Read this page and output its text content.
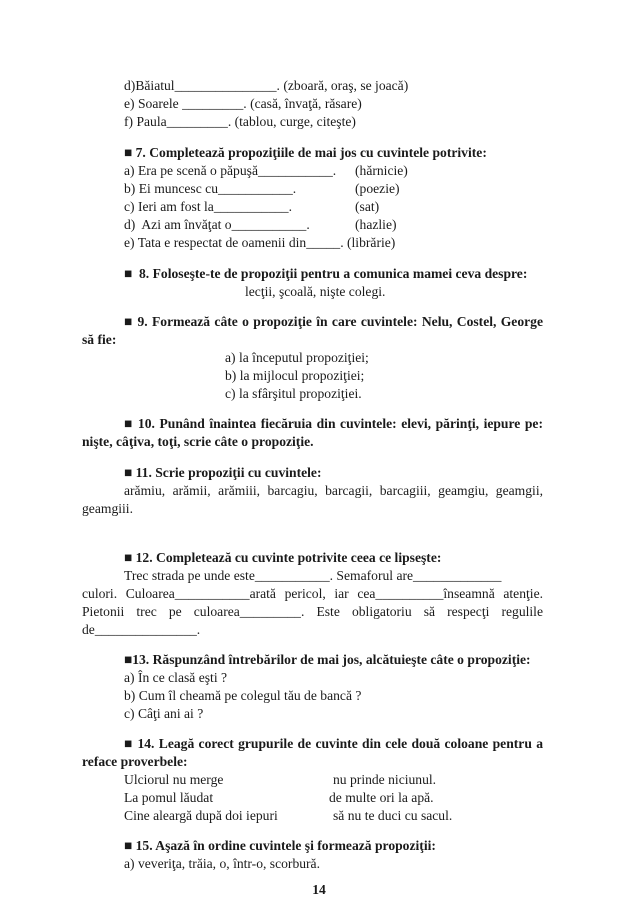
d)Băiatul_______________. (zboară, oraş, se joacă)
e) Soarele _________. (casă, învaţă, răsare)
f) Paula_________. (tablou, curge, citeşte)
■ 7. Completează propoziţiile de mai jos cu cuvintele potrivite:
a) Era pe scenă o păpuşă___________. (hărnicie)
b) Ei muncesc cu___________.	(poezie)
c) Ieri am fost la___________.	(sat)
d)  Azi am învăţat o___________.	(hazlie)
e) Tata e respectat de oamenii din_____. (librărie)
■  8. Foloseşte-te de propoziţii pentru a comunica mamei ceva despre:
lecţii, şcoală, nişte colegi.
■ 9. Formează câte o propoziţie în care cuvintele: Nelu, Costel, George
să fie:
a) la începutul propoziţiei;
b) la mijlocul propoziţiei;
c) la sfârşitul propoziţiei.
■ 10. Punând înaintea fiecăruia din cuvintele: elevi, părinţi, iepure pe:
nişte, câţiva, toţi, scrie câte o propoziţie.
■ 11. Scrie propoziţii cu cuvintele:
arămiu, arămii, arămiii, barcagiu, barcagii, barcagiii, geamgiu, geamgii,
geamgiii.
■ 12. Completează cu cuvinte potrivite ceea ce lipseşte:
Trec strada pe unde este___________. Semaforul are_____________
culori. Culoarea___________arată pericol, iar cea__________înseamnă atenţie.
Pietonii trec pe culoarea_________. Este obligatoriu să respecţi regulile
de_______________.
■13. Răspunzând întrebărilor de mai jos, alcătuieşte câte o propoziţie:
a) În ce clasă eşti ?
b) Cum îl cheamă pe colegul tău de bancă ?
c) Câţi ani ai ?
■ 14. Leagă corect grupurile de cuvinte din cele două coloane pentru a
reface proverbele:
Ulciorul nu merge	nu prinde niciunul.
La pomul lăudat	de multe ori la apă.
Cine aleargă după doi iepuri	să nu te duci cu sacul.
■ 15. Aşază în ordine cuvintele şi formează propoziţii:
a) veveriţa, trăia, o, într-o, scorbură.
14
